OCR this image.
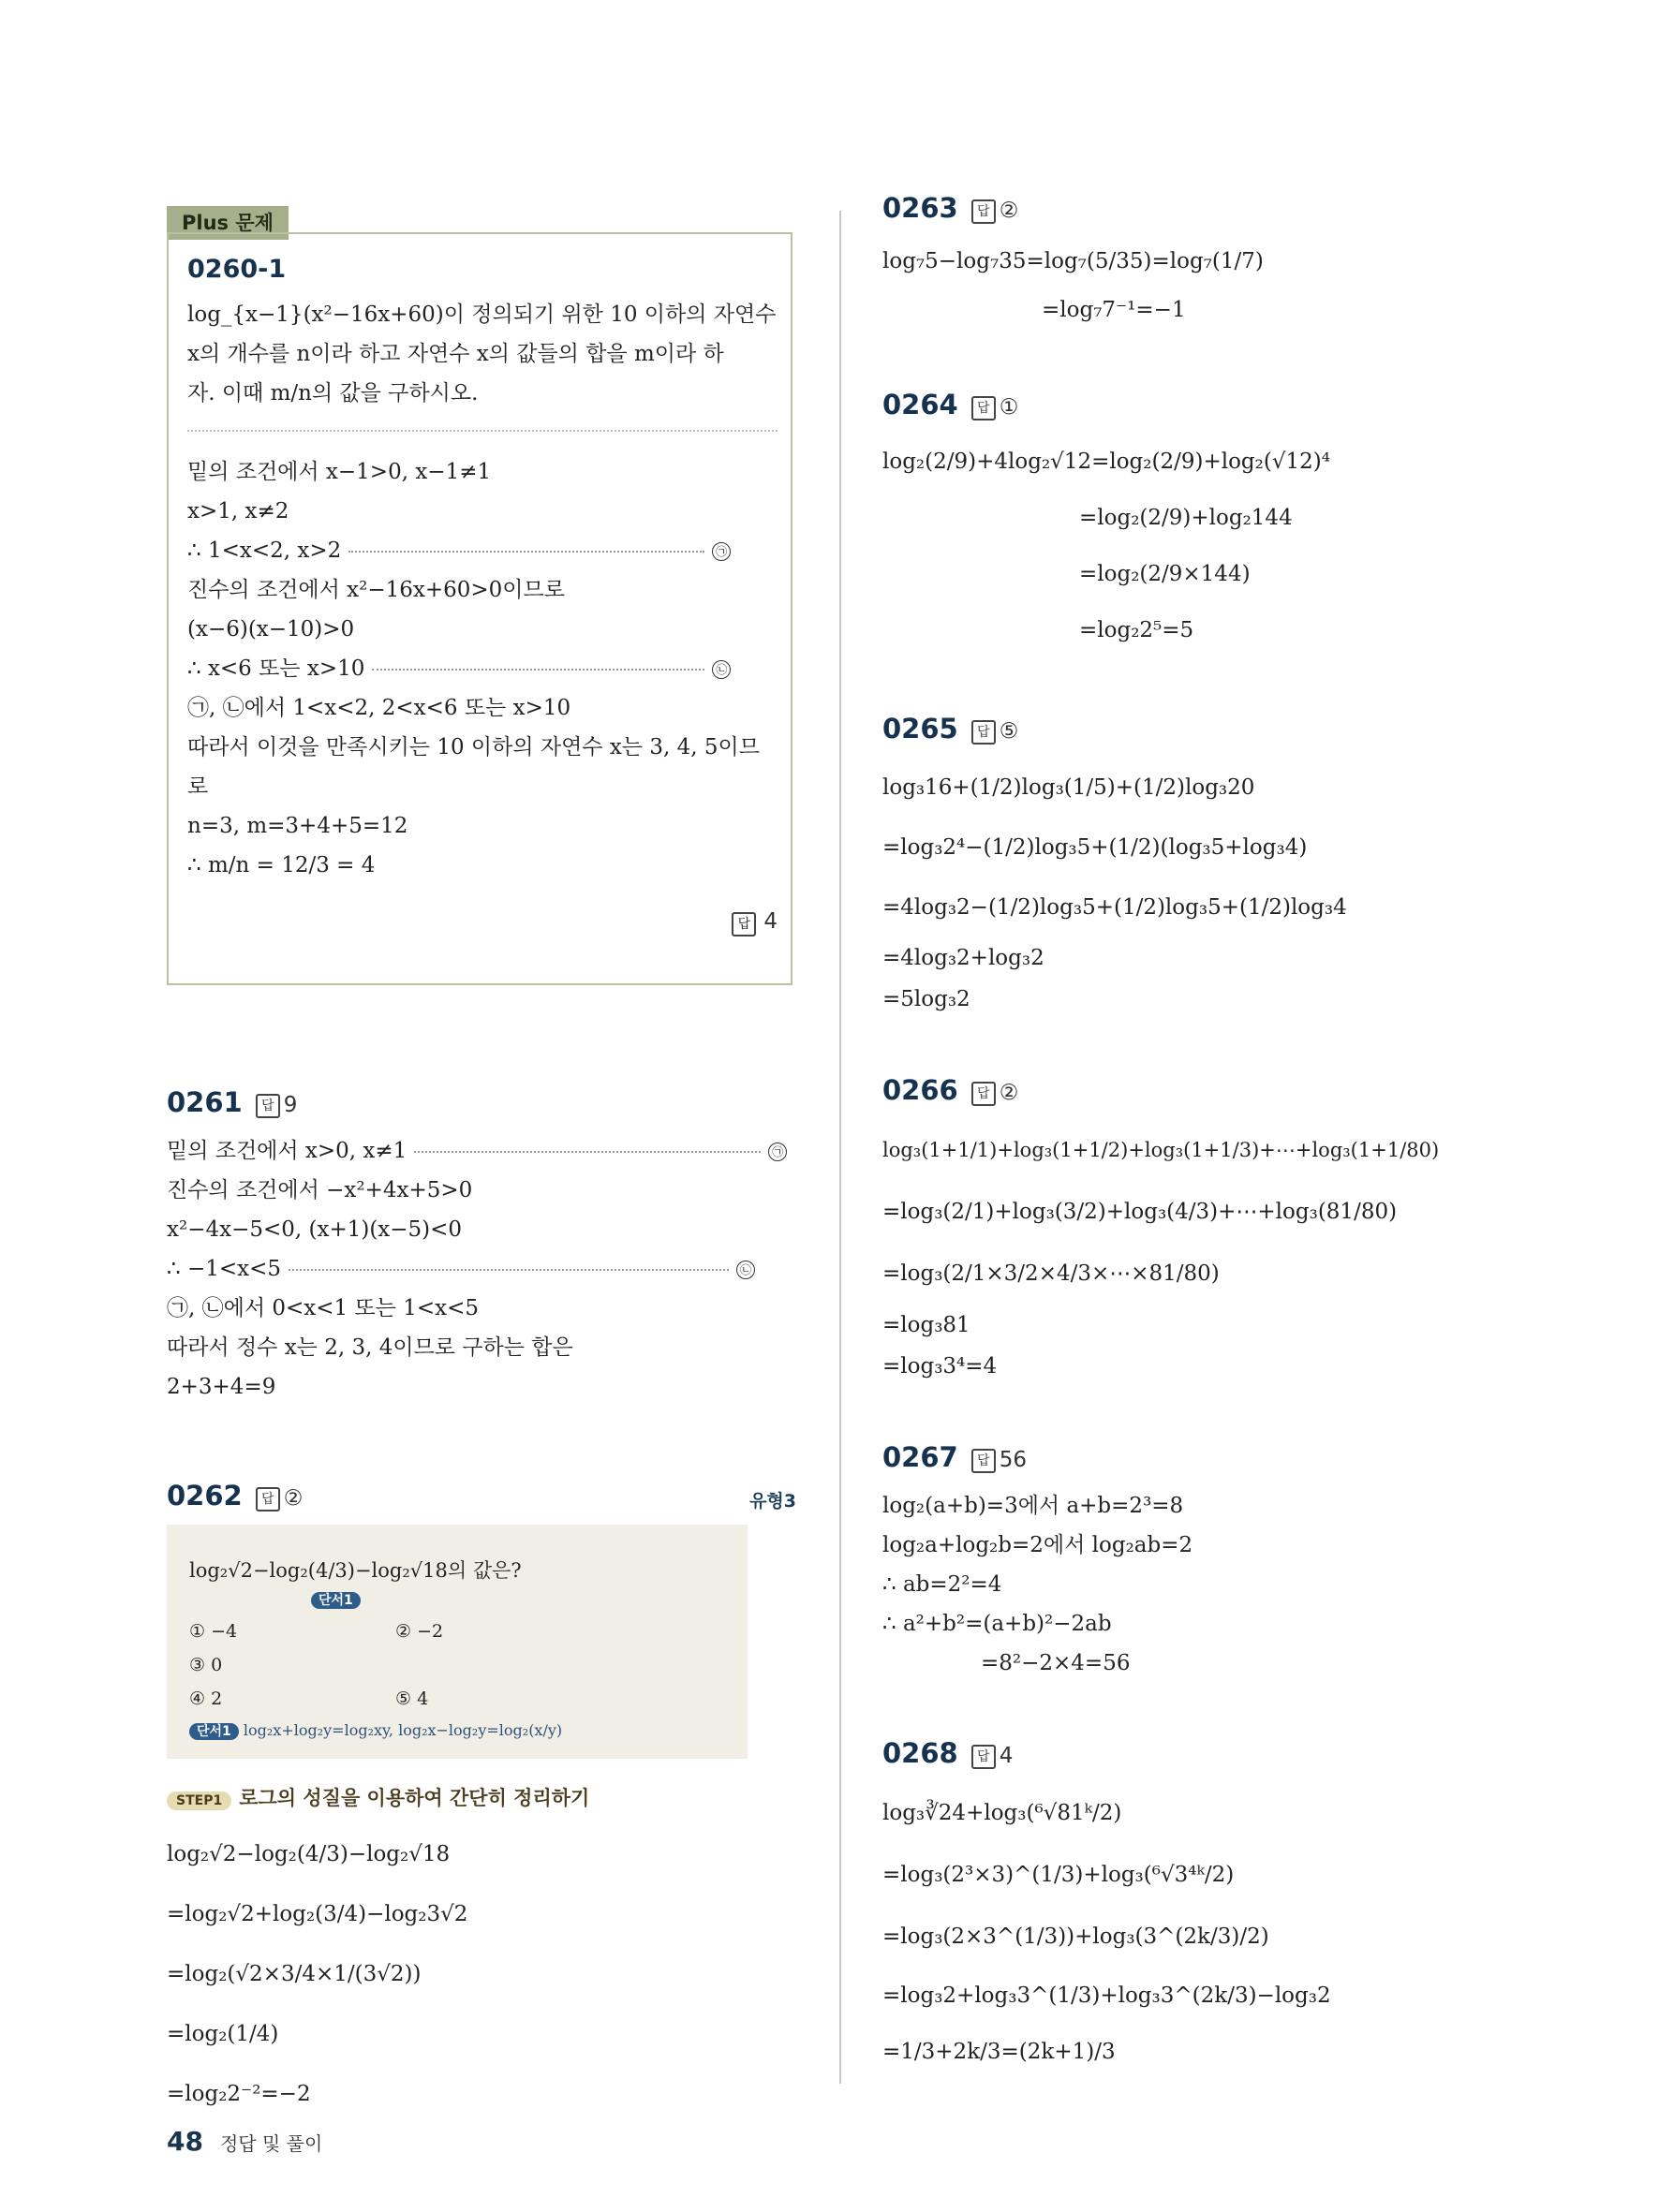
Plus 문제
0260-1
log_{x−1}(x²−16x+60)이 정의되기 위한 10 이하의 자연수
x의 개수를 n이라 하고 자연수 x의 값들의 합을 m이라 하
자. 이때 m/n의 값을 구하시오.
밑의 조건에서 x−1>0, x−1≠1
x>1, x≠2
∴ 1<x<2, x>2	㉠
진수의 조건에서 x²−16x+60>0이므로
(x−6)(x−10)>0
∴ x<6 또는 x>10	㉡
㉠, ㉡에서 1<x<2, 2<x<6 또는 x>10
따라서 이것을 만족시키는 10 이하의 자연수 x는 3, 4, 5이므
로
n=3, m=3+4+5=12
∴ m/n = 12/3 = 4
답 4
0261 답 9
밑의 조건에서 x>0, x≠1	㉠
진수의 조건에서 −x²+4x+5>0
x²−4x−5<0, (x+1)(x−5)<0
∴ −1<x<5	㉡
㉠, ㉡에서 0<x<1 또는 1<x<5
따라서 정수 x는 2, 3, 4이므로 구하는 합은
2+3+4=9
0262 답 ②	유형3
log₂√2−log₂(4/3)−log₂√18의 값은?
단서1
① −4	② −2③ 0
④ 2	⑤ 4
단서1 log₂x+log₂y=log₂xy, log₂x−log₂y=log₂(x/y)
STEP1 로그의 성질을 이용하여 간단히 정리하기
log₂√2−log₂(4/3)−log₂√18
=log₂√2+log₂(3/4)−log₂3√2
=log₂(√2×3/4×1/(3√2))
=log₂(1/4)
=log₂2⁻²=−2
0263 답 ②
log₇5−log₇35=log₇(5/35)=log₇(1/7)
=log₇7⁻¹=−1
0264 답 ①
log₂(2/9)+4log₂√12=log₂(2/9)+log₂(√12)⁴
=log₂(2/9)+log₂144
=log₂(2/9×144)
=log₂2⁵=5
0265 답 ⑤
log₃16+(1/2)log₃(1/5)+(1/2)log₃20
=log₃2⁴−(1/2)log₃5+(1/2)(log₃5+log₃4)
=4log₃2−(1/2)log₃5+(1/2)log₃5+(1/2)log₃4
=4log₃2+log₃2
=5log₃2
0266 답 ②
log₃(1+1/1)+log₃(1+1/2)+log₃(1+1/3)+⋯+log₃(1+1/80)
=log₃(2/1)+log₃(3/2)+log₃(4/3)+⋯+log₃(81/80)
=log₃(2/1×3/2×4/3×⋯×81/80)
=log₃81
=log₃3⁴=4
0267 답 56
log₂(a+b)=3에서 a+b=2³=8
log₂a+log₂b=2에서 log₂ab=2
∴ ab=2²=4
∴ a²+b²=(a+b)²−2ab
=8²−2×4=56
0268 답 4
log₃∛24+log₃(⁶√81ᵏ/2)
=log₃(2³×3)^(1/3)+log₃(⁶√3⁴ᵏ/2)
=log₃(2×3^(1/3))+log₃(3^(2k/3)/2)
=log₃2+log₃3^(1/3)+log₃3^(2k/3)−log₃2
=1/3+2k/3=(2k+1)/3
48 정답 및 풀이
